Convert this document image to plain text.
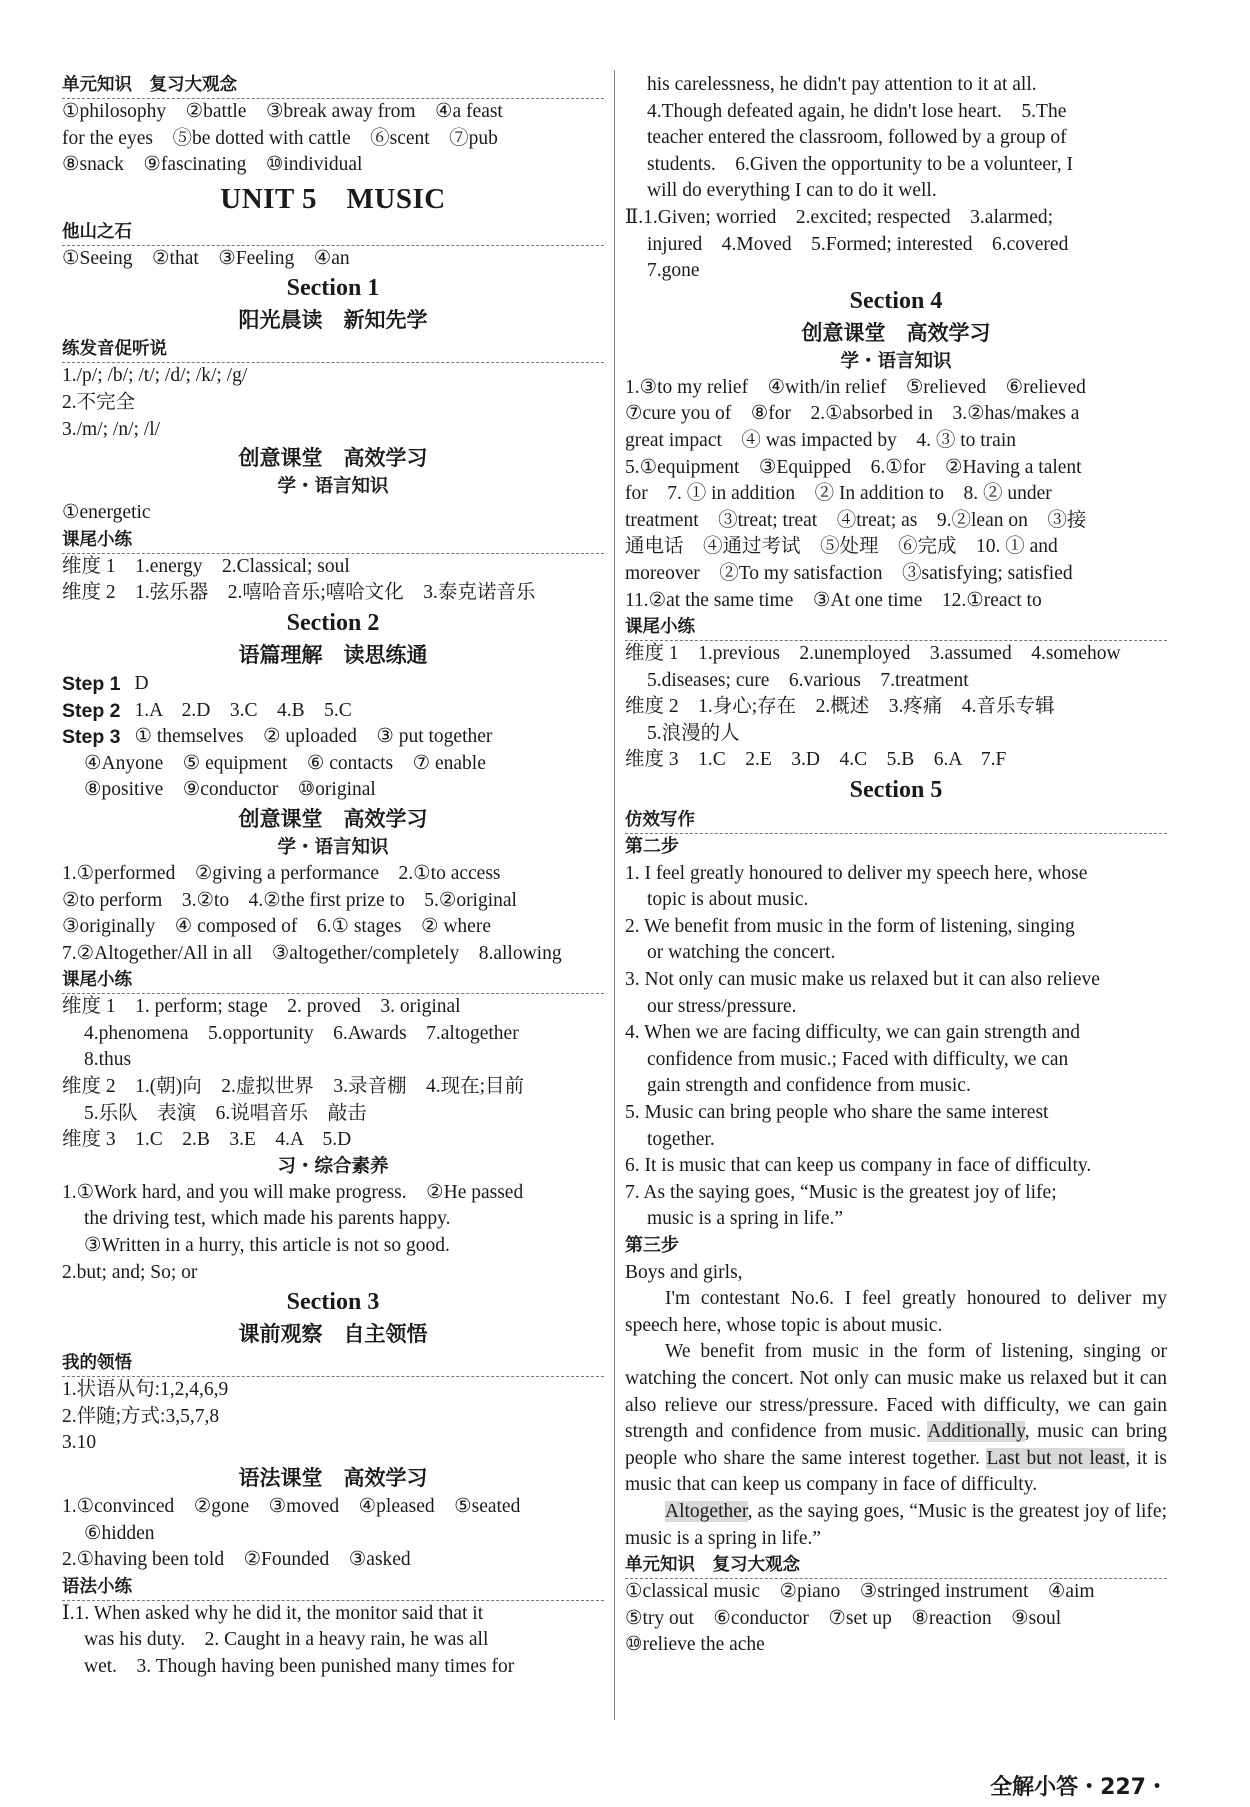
单元知识　复习大观念
①philosophy　②battle　③break away from　④a feast
for the eyes　⑤be dotted with cattle　⑥scent　⑦pub
⑧snack　⑨fascinating　⑩individual
UNIT 5　MUSIC
他山之石
①Seeing　②that　③Feeling　④an
Section 1
阳光晨读　新知先学
练发音促听说
1./p/; /b/; /t/; /d/; /k/; /g/
2.不完全
3./m/; /n/; /l/
创意课堂　高效学习
学・语言知识
①energetic
课尾小练
维度 1　1.energy　2.Classical; soul
维度 2　1.弦乐器　2.嘻哈音乐;嘻哈文化　3.泰克诺音乐
Section 2
语篇理解　读思练通
Step 1 D
Step 2 1.A　2.D　3.C　4.B　5.C
Step 3 ① themselves　② uploaded　③ put together
④Anyone　⑤ equipment　⑥ contacts　⑦ enable
⑧positive　⑨conductor　⑩original
创意课堂　高效学习
学・语言知识
1.①performed　②giving a performance　2.①to access
②to perform　3.②to　4.②the first prize to　5.②original
③originally　④ composed of　6.① stages　② where
7.②Altogether/All in all　③altogether/completely　8.allowing
课尾小练
维度 1　1. perform; stage　2. proved　3. original
4.phenomena　5.opportunity　6.Awards　7.altogether
8.thus
维度 2　1.(朝)向　2.虚拟世界　3.录音棚　4.现在;目前
5.乐队　表演　6.说唱音乐　敲击
维度 3　1.C　2.B　3.E　4.A　5.D
习・综合素养
1.①Work hard, and you will make progress.　②He passed
the driving test, which made his parents happy.
③Written in a hurry, this article is not so good.
2.but; and; So; or
Section 3
课前观察　自主领悟
我的领悟
1.状语从句:1,2,4,6,9
2.伴随;方式:3,5,7,8
3.10
语法课堂　高效学习
1.①convinced　②gone　③moved　④pleased　⑤seated
⑥hidden
2.①having been told　②Founded　③asked
语法小练
Ⅰ.1. When asked why he did it, the monitor said that it
was his duty.　2. Caught in a heavy rain, he was all
wet.　3. Though having been punished many times for
his carelessness, he didn't pay attention to it at all.
4.Though defeated again, he didn't lose heart.　5.The
teacher entered the classroom, followed by a group of
students.　6.Given the opportunity to be a volunteer, I
will do everything I can to do it well.
Ⅱ.1.Given; worried　2.excited; respected　3.alarmed;
injured　4.Moved　5.Formed; interested　6.covered
7.gone
Section 4
创意课堂　高效学习
学・语言知识
1.③to my relief　④with/in relief　⑤relieved　⑥relieved
⑦cure you of　⑧for　2.①absorbed in　3.②has/makes a
great impact　④ was impacted by　4. ③ to train
5.①equipment　③Equipped　6.①for　②Having a talent
for　7. ① in addition　② In addition to　8. ② under
treatment　③treat; treat　④treat; as　9.②lean on　③接
通电话　④通过考试　⑤处理　⑥完成　10. ① and
moreover　②To my satisfaction　③satisfying; satisfied
11.②at the same time　③At one time　12.①react to
课尾小练
维度 1　1.previous　2.unemployed　3.assumed　4.somehow
5.diseases; cure　6.various　7.treatment
维度 2　1.身心;存在　2.概述　3.疼痛　4.音乐专辑
5.浪漫的人
维度 3　1.C　2.E　3.D　4.C　5.B　6.A　7.F
Section 5
仿效写作
第二步
1. I feel greatly honoured to deliver my speech here, whose
topic is about music.
2. We benefit from music in the form of listening, singing
or watching the concert.
3. Not only can music make us relaxed but it can also relieve
our stress/pressure.
4. When we are facing difficulty, we can gain strength and
confidence from music.; Faced with difficulty, we can
gain strength and confidence from music.
5. Music can bring people who share the same interest
together.
6. It is music that can keep us company in face of difficulty.
7. As the saying goes, “Music is the greatest joy of life;
music is a spring in life.”
第三步
Boys and girls,
I'm contestant No.6. I feel greatly honoured to deliver my speech here, whose topic is about music.
We benefit from music in the form of listening, singing or watching the concert. Not only can music make us relaxed but it can also relieve our stress/pressure. Faced with difficulty, we can gain strength and confidence from music. Additionally, music can bring people who share the same interest together. Last but not least, it is music that can keep us company in face of difficulty.
Altogether, as the saying goes, “Music is the greatest joy of life; music is a spring in life.”
单元知识　复习大观念
①classical music　②piano　③stringed instrument　④aim
⑤try out　⑥conductor　⑦set up　⑧reaction　⑨soul
⑩relieve the ache
全解小答・227・
